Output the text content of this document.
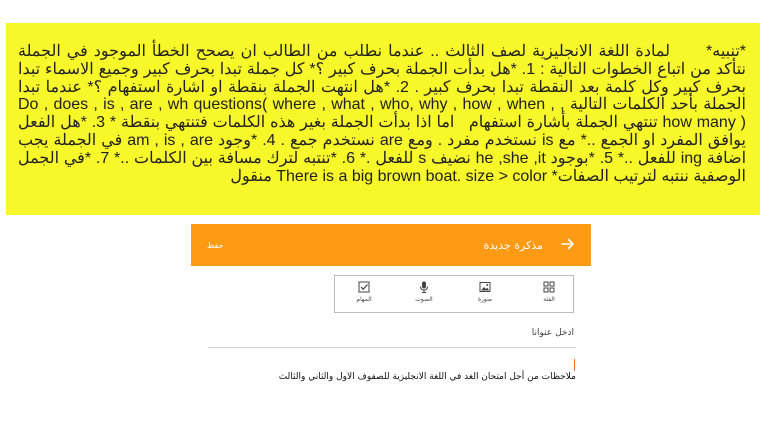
*تنبيه* ︎ ︎ ︎ ︎ ︎ لمادة اللغة الانجليزية لصف الثالث .. عندما نطلب من الطالب ان يصحح الخطأ الموجود في الجملة نتأكد من اتباع الخطوات التالية : 1. *هل بدأت الجملة بحرف كبير ؟* كل جملة تبدا بحرف كبير وجميع الاسماء تبدا بحرف كبير وكل كلمة بعد النقطة تبدا بحرف كبير . 2. *هل انتهت الجملة بنقطة او اشارة استفهام ؟* عندما تبدا الجملة بأحد الكلمات التالية , Do , does , is , are , wh questions( where , what , who, why , how , when , how many ) تنتهي الجملة بأشارة استفهام ︎ ︎ اما اذا بدأت الجملة بغير هذه الكلمات فتنتهي بنقطة * 3. *هل الفعل يوافق المفرد او الجمع ..* مع is نستخدم مفرد . ومع are نستخدم جمع . 4. *وجود am , is , are في الجملة يجب اضافة ing للفعل ..* 5. *بوجود he ,she ,it نضيف s للفعل .* 6. *تنتبه لترك مسافة بين الكلمات ..* 7. *في الجمل الوصفية ننتبه لترتيب الصفات* There is a big brown boat. size > color منقول

حفظ	مذكرة جديدة
الفئة
صورة
الصوت
المهام
أدخل عنوانا
ملاحظات من أجل امتحان الغد في اللغة الانجليزية للصفوف الاول والثاني والثالث
